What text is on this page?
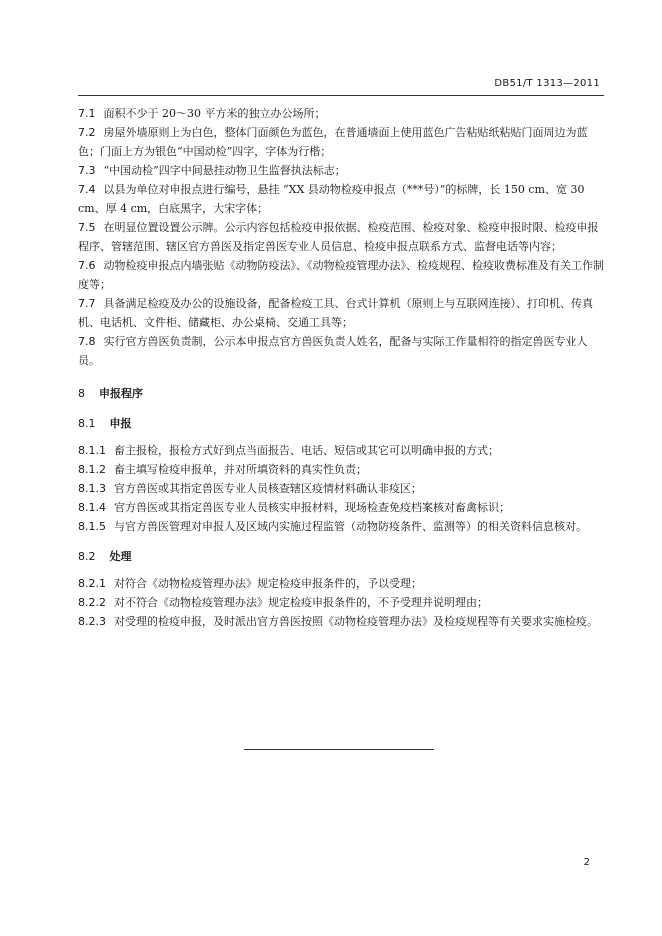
DB51/T 1313—2011
7.1 面积不少于 20～30 平方米的独立办公场所；
7.2 房屋外墙原则上为白色，整体门面颜色为蓝色，在普通墙面上使用蓝色广告粘贴纸粘贴门面周边为蓝色；门面上方为银色“中国动检”四字，字体为行楷；
7.3 “中国动检”四字中间悬挂动物卫生监督执法标志；
7.4 以县为单位对申报点进行编号，悬挂 “XX 县动物检疫申报点（***号）”的标牌，长 150 cm、宽 30 cm、厚 4 cm，白底黑字，大宋字体；
7.5 在明显位置设置公示牌。公示内容包括检疫申报依据、检疫范围、检疫对象、检疫申报时限、检疫申报程序、管辖范围、辖区官方兽医及指定兽医专业人员信息、检疫申报点联系方式、监督电话等内容；
7.6 动物检疫申报点内墙张贴《动物防疫法》、《动物检疫管理办法》、检疫规程、检疫收费标准及有关工作制度等；
7.7 具备满足检疫及办公的设施设备，配备检疫工具、台式计算机（原则上与互联网连接）、打印机、传真机、电话机、文件柜、储藏柜、办公桌椅、交通工具等；
7.8 实行官方兽医负责制，公示本申报点官方兽医负责人姓名，配备与实际工作量相符的指定兽医专业人员。
8 申报程序
8.1 申报
8.1.1 畜主报检，报检方式好到点当面报告、电话、短信或其它可以明确申报的方式；
8.1.2 畜主填写检疫申报单，并对所填资料的真实性负责；
8.1.3 官方兽医或其指定兽医专业人员核查辖区疫情材料确认非疫区；
8.1.4 官方兽医或其指定兽医专业人员核实申报材料，现场检查免疫档案核对畜禽标识；
8.1.5 与官方兽医管理对申报人及区域内实施过程监管（动物防疫条件、监测等）的相关资料信息核对。
8.2 处理
8.2.1 对符合《动物检疫管理办法》规定检疫申报条件的，予以受理；
8.2.2 对不符合《动物检疫管理办法》规定检疫申报条件的，不予受理并说明理由；
8.2.3 对受理的检疫申报，及时派出官方兽医按照《动物检疫管理办法》及检疫规程等有关要求实施检疫。
2
